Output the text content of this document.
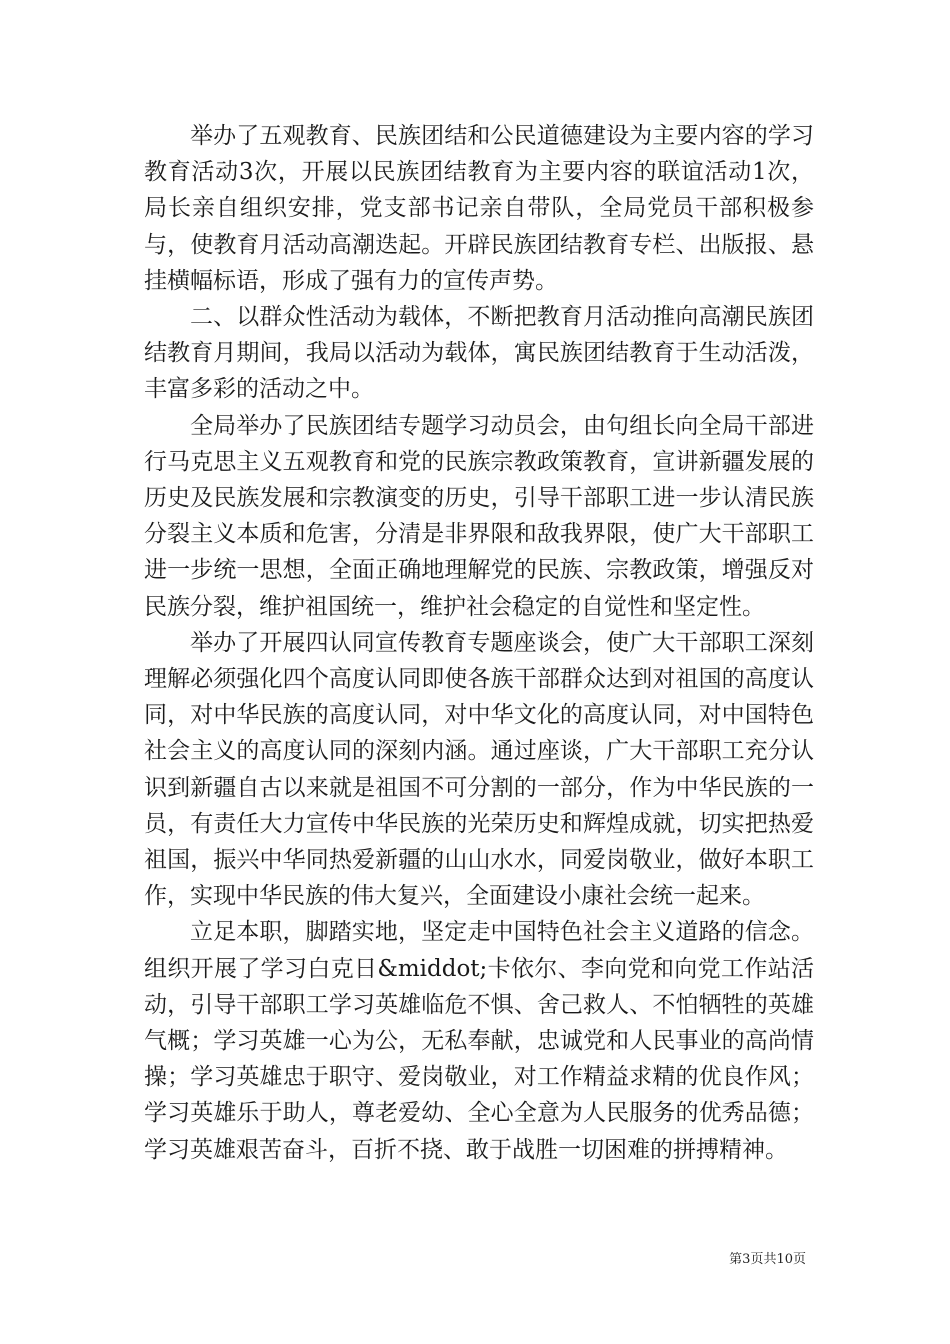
举办了五观教育、民族团结和公民道德建设为主要内容的学习教育活动3次，开展以民族团结教育为主要内容的联谊活动1次，局长亲自组织安排，党支部书记亲自带队，全局党员干部积极参与，使教育月活动高潮迭起。开辟民族团结教育专栏、出版报、悬挂横幅标语，形成了强有力的宣传声势。

二、以群众性活动为载体，不断把教育月活动推向高潮民族团结教育月期间，我局以活动为载体，寓民族团结教育于生动活泼，丰富多彩的活动之中。

全局举办了民族团结专题学习动员会，由句组长向全局干部进行马克思主义五观教育和党的民族宗教政策教育，宣讲新疆发展的历史及民族发展和宗教演变的历史，引导干部职工进一步认清民族分裂主义本质和危害，分清是非界限和敌我界限，使广大干部职工进一步统一思想，全面正确地理解党的民族、宗教政策，增强反对民族分裂，维护祖国统一，维护社会稳定的自觉性和坚定性。

举办了开展四认同宣传教育专题座谈会，使广大干部职工深刻理解必须强化四个高度认同即使各族干部群众达到对祖国的高度认同，对中华民族的高度认同，对中华文化的高度认同，对中国特色社会主义的高度认同的深刻内涵。通过座谈，广大干部职工充分认识到新疆自古以来就是祖国不可分割的一部分，作为中华民族的一员，有责任大力宣传中华民族的光荣历史和辉煌成就，切实把热爱祖国，振兴中华同热爱新疆的山山水水，同爱岗敬业，做好本职工作，实现中华民族的伟大复兴，全面建设小康社会统一起来。

立足本职，脚踏实地，坚定走中国特色社会主义道路的信念。组织开展了学习白克日&middot;卡依尔、李向党和向党工作站活动，引导干部职工学习英雄临危不惧、舍己救人、不怕牺牲的英雄气概；学习英雄一心为公，无私奉献，忠诚党和人民事业的高尚情操；学习英雄忠于职守、爱岗敬业，对工作精益求精的优良作风；学习英雄乐于助人，尊老爱幼、全心全意为人民服务的优秀品德；学习英雄艰苦奋斗，百折不挠、敢于战胜一切困难的拼搏精神。

第3页共10页
